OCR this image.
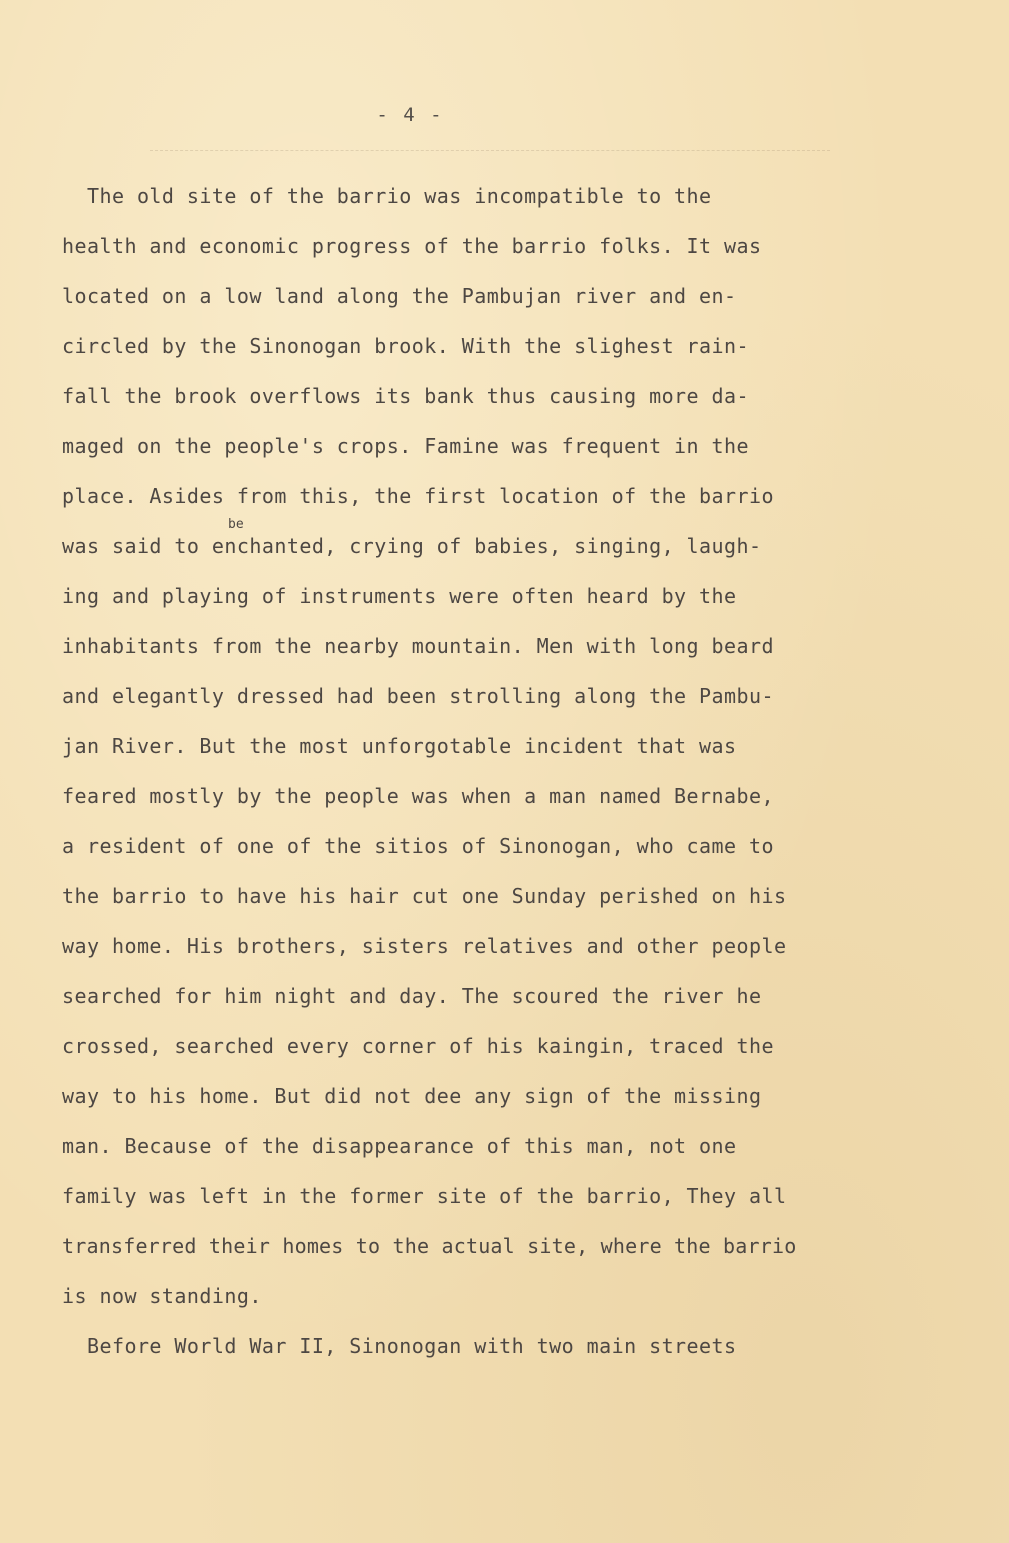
- 4 -
The old site of the barrio was incompatible to the
health and economic progress of the barrio folks. It was
located on a low land along the Pambujan river and en-
circled by the Sinonogan brook. With the slighest rain-
fall the brook overflows its bank thus causing more da-
maged on the people's crops. Famine was frequent in the
place. Asides from this, the first location of the barrio
be
was said to enchanted, crying of babies, singing, laugh-
ing and playing of instruments were often heard by the
inhabitants from the nearby mountain. Men with long beard
and elegantly dressed had been strolling along the Pambu-
jan River. But the most unforgotable incident that was
feared mostly by the people was when a man named Bernabe,
a resident of one of the sitios of Sinonogan, who came to
the barrio to have his hair cut one Sunday perished on his
way home. His brothers, sisters relatives and other people
searched for him night and day. The scoured the river he
crossed, searched every corner of his kaingin, traced the
way to his home. But did not dee any sign of the missing
man. Because of the disappearance of this man, not one
family was left in the former site of the barrio, They all
transferred their homes to the actual site, where the barrio
is now standing.
Before World War II, Sinonogan with two main streets
